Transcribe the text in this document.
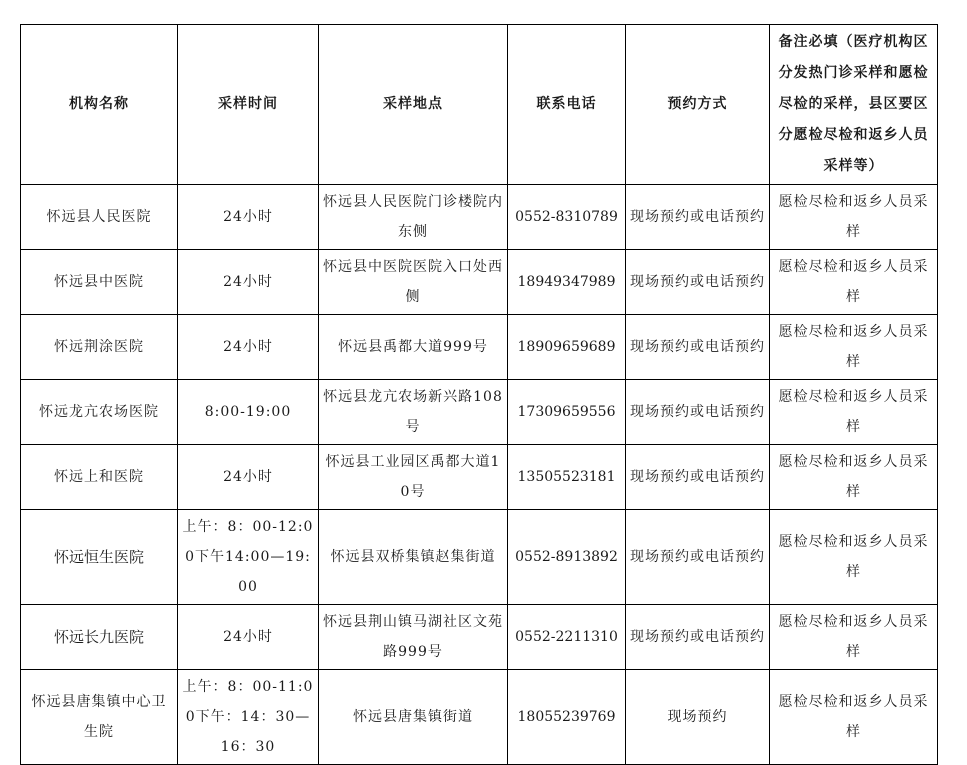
机构名称	采样时间	采样地点	联系电话	预约方式	备注必填（医疗机构区分发热门诊采样和愿检尽检的采样，县区要区分愿检尽检和返乡人员采样等）
怀远县人民医院	24小时	怀远县人民医院门诊楼院内东侧	0552-8310789	现场预约或电话预约	愿检尽检和返乡人员采样
怀远县中医院	24小时	怀远县中医院医院入口处西侧	18949347989	现场预约或电话预约	愿检尽检和返乡人员采样
怀远荆涂医院	24小时	怀远县禹都大道999号	18909659689	现场预约或电话预约	愿检尽检和返乡人员采样
怀远龙亢农场医院	8:00-19:00	怀远县龙亢农场新兴路108号	17309659556	现场预约或电话预约	愿检尽检和返乡人员采样
怀远上和医院	24小时	怀远县工业园区禹都大道10号	13505523181	现场预约或电话预约	愿检尽检和返乡人员采样
怀远恒生医院	上午：8：00-12:00下午14:00—19:00	怀远县双桥集镇赵集街道	0552-8913892	现场预约或电话预约	愿检尽检和返乡人员采样
怀远长九医院	24小时	怀远县荆山镇马湖社区文苑路999号	0552-2211310	现场预约或电话预约	愿检尽检和返乡人员采样
怀远县唐集镇中心卫生院	上午：8：00-11:00下午：14：30—16：30	怀远县唐集镇街道	18055239769	现场预约	愿检尽检和返乡人员采样
